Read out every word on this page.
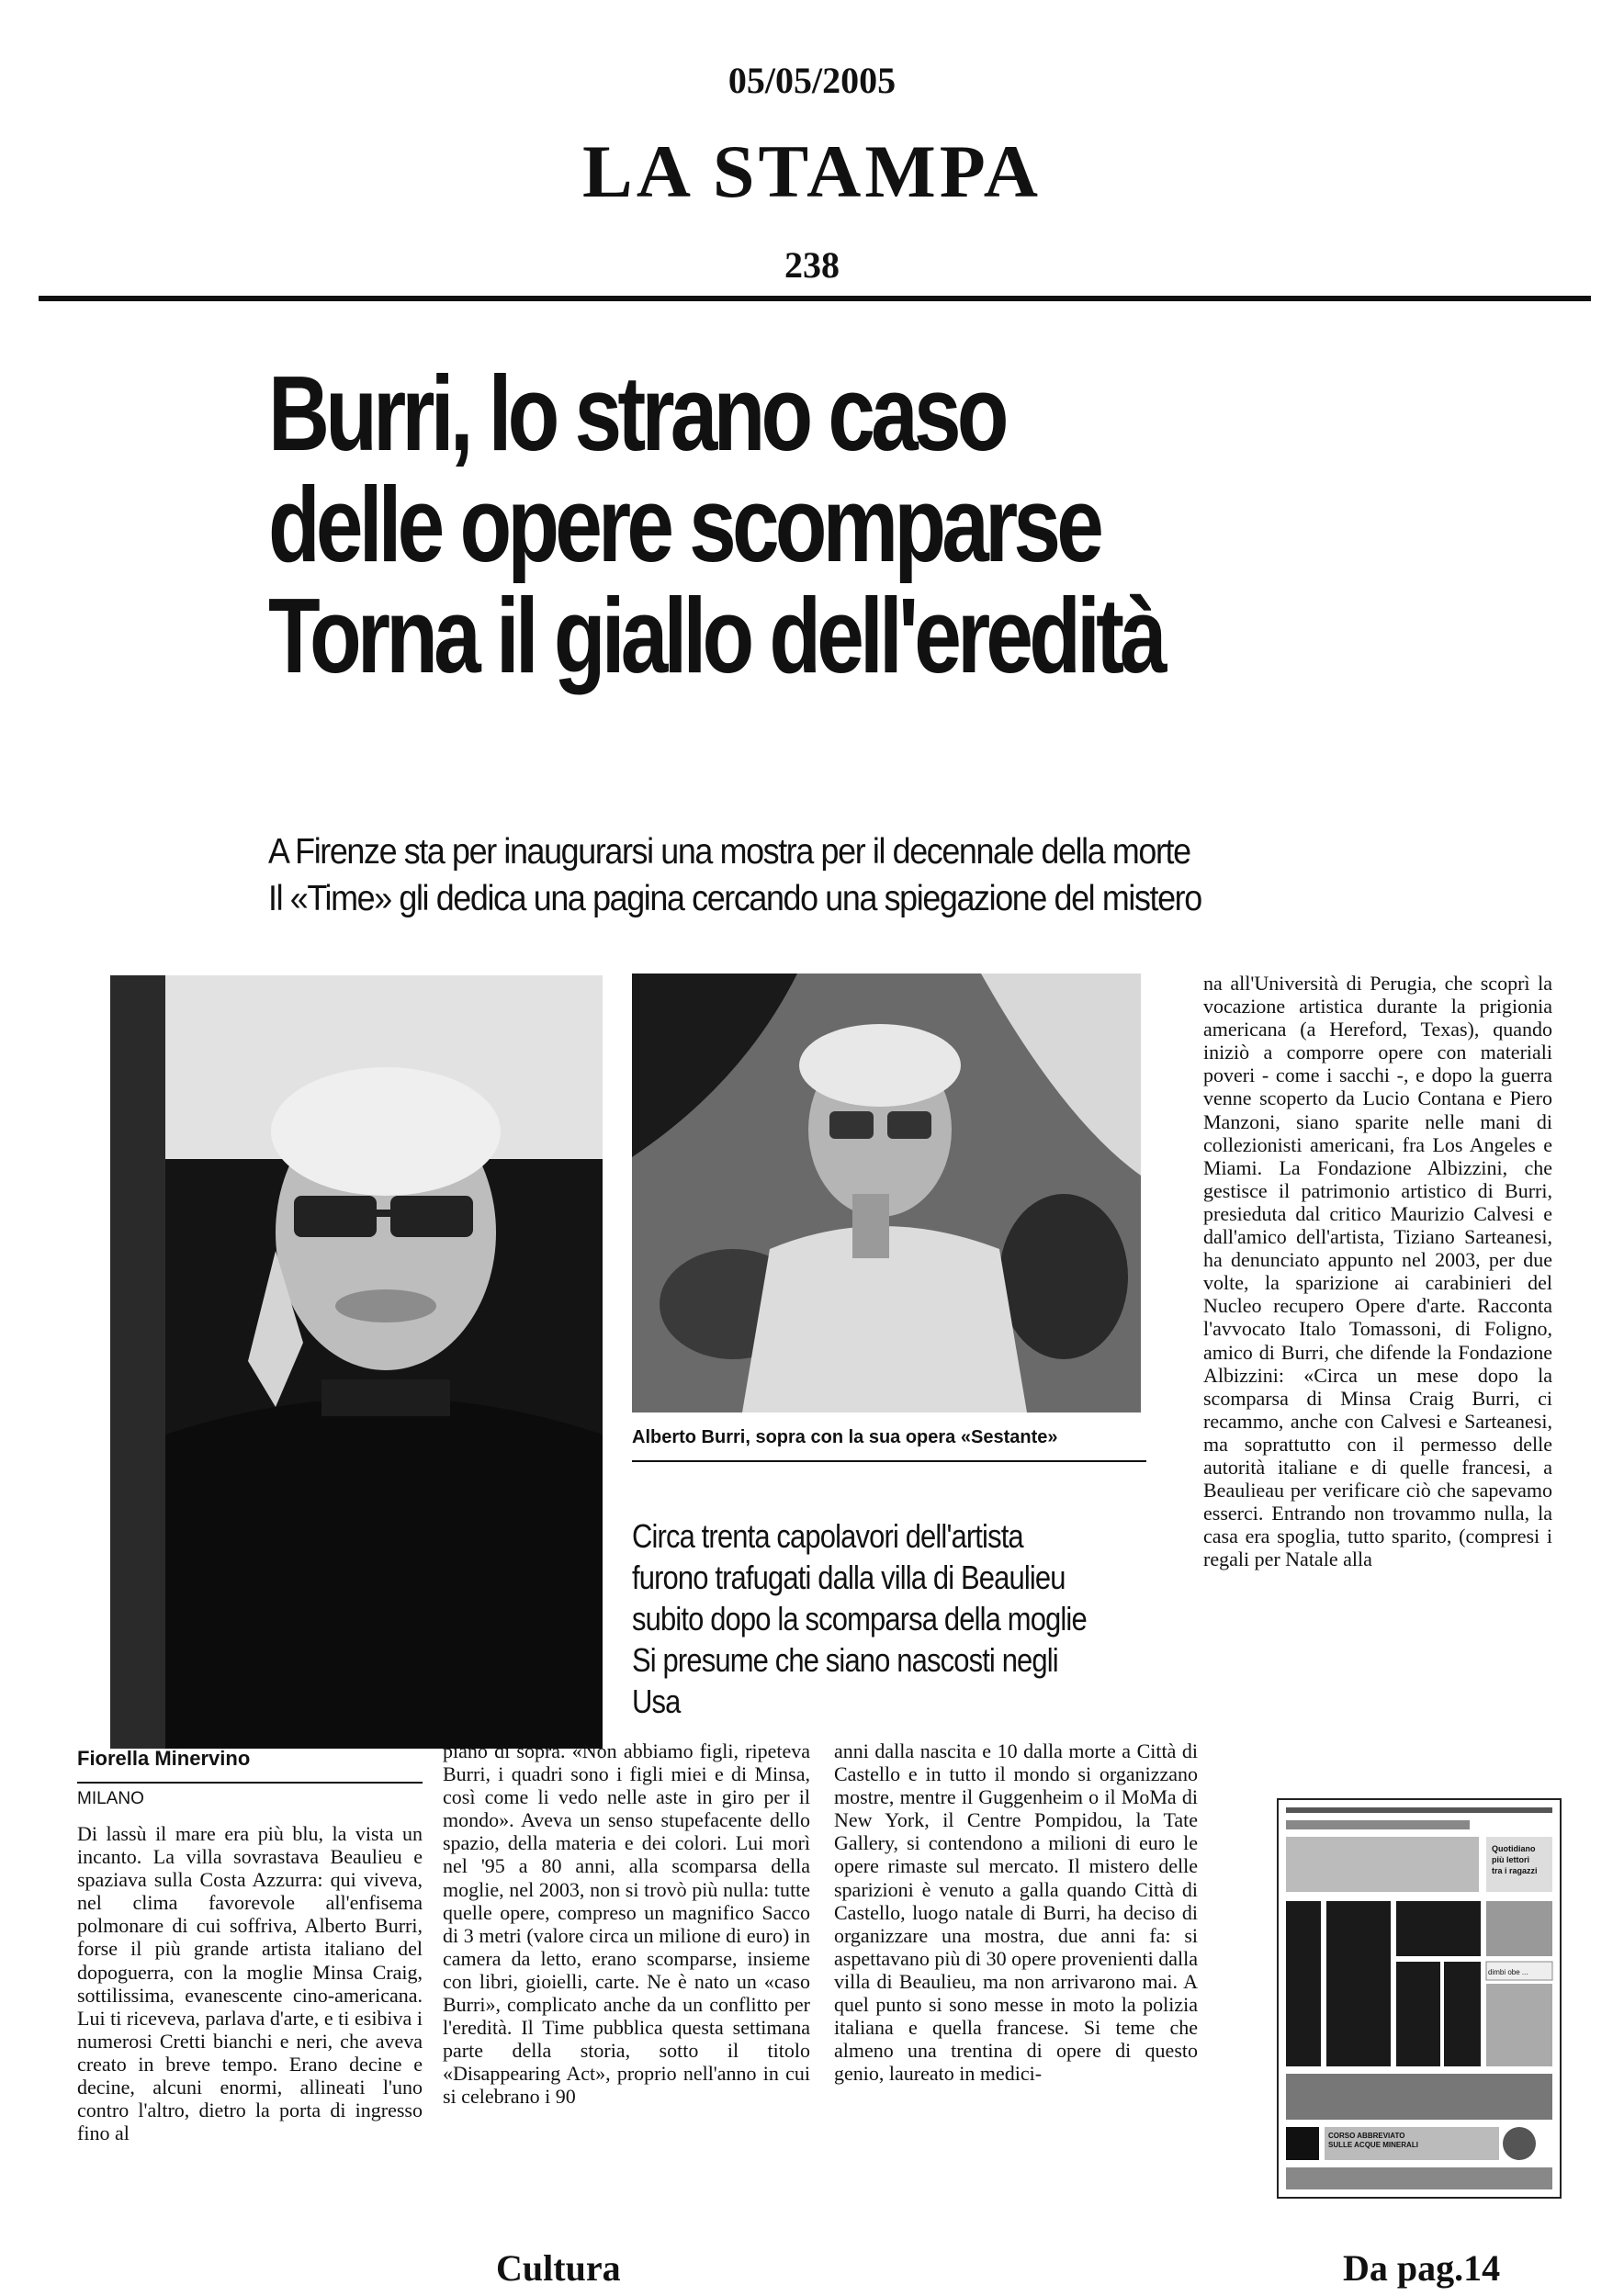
05/05/2005
LA STAMPA
238
Burri, lo strano caso
delle opere scomparse
Torna il giallo dell'eredità
A Firenze sta per inaugurarsi una mostra per il decennale della morte
Il «Time» gli dedica una pagina cercando una spiegazione del mistero
Alberto Burri, sopra con la sua opera «Sestante»
Circa trenta capolavori dell'artista
furono trafugati dalla villa di Beaulieu
subito dopo la scomparsa della moglie
Si presume che siano nascosti negli Usa
Fiorella Minervino
MILANO
Di lassù il mare era più blu, la vista un incanto. La villa sovrastava Beaulieu e spaziava sulla Costa Azzurra: qui viveva, nel clima favorevole all'enfisema polmonare di cui soffriva, Alberto Burri, forse il più grande artista italiano del dopoguerra, con la moglie Minsa Craig, sottilissima, evanescente cino-americana. Lui ti riceveva, parlava d'arte, e ti esibiva i numerosi Cretti bianchi e neri, che aveva creato in breve tempo. Erano decine e decine, alcuni enormi, allineati l'uno contro l'altro, dietro la porta di ingresso fino al
piano di sopra. «Non abbiamo figli, ripeteva Burri, i quadri sono i figli miei e di Minsa, così come li vedo nelle aste in giro per il mondo». Aveva un senso stupefacente dello spazio, della materia e dei colori. Lui morì nel '95 a 80 anni, alla scomparsa della moglie, nel 2003, non si trovò più nulla: tutte quelle opere, compreso un magnifico Sacco di 3 metri (valore circa un milione di euro) in camera da letto, erano scomparse, insieme con libri, gioielli, carte. Ne è nato un «caso Burri», complicato anche da un conflitto per l'eredità. Il Time pubblica questa settimana parte della storia, sotto il titolo «Disappearing Act», proprio nell'anno in cui si celebrano i 90
anni dalla nascita e 10 dalla morte a Città di Castello e in tutto il mondo si organizzano mostre, mentre il Guggenheim o il MoMa di New York, il Centre Pompidou, la Tate Gallery, si contendono a milioni di euro le opere rimaste sul mercato. Il mistero delle sparizioni è venuto a galla quando Città di Castello, luogo natale di Burri, ha deciso di organizzare una mostra, due anni fa: si aspettavano più di 30 opere provenienti dalla villa di Beaulieu, ma non arrivarono mai. A quel punto si sono messe in moto la polizia italiana e quella francese. Si teme che almeno una trentina di opere di questo genio, laureato in medici-
na all'Università di Perugia, che scoprì la vocazione artistica durante la prigionia americana (a Hereford, Texas), quando iniziò a comporre opere con materiali poveri - come i sacchi -, e dopo la guerra venne scoperto da Lucio Contana e Piero Manzoni, siano sparite nelle mani di collezionisti americani, fra Los Angeles e Miami. La Fondazione Albizzini, che gestisce il patrimonio artistico di Burri, presieduta dal critico Maurizio Calvesi e dall'amico dell'artista, Tiziano Sarteanesi, ha denunciato appunto nel 2003, per due volte, la sparizione ai carabinieri del Nucleo recupero Opere d'arte. Racconta l'avvocato Italo Tomassoni, di Foligno, amico di Burri, che difende la Fondazione Albizzini: «Circa un mese dopo la scomparsa di Minsa Craig Burri, ci recammo, anche con Calvesi e Sarteanesi, ma soprattutto con il permesso delle autorità italiane e di quelle francesi, a Beaulieau per verificare ciò che sapevamo esserci. Entrando non trovammo nulla, la casa era spoglia, tutto sparito, (compresi i regali per Natale alla
Quotidiano
più lettori
tra i ragazzi
dimbi obe ...
CORSO ABBREVIATO
SULLE ACQUE MINERALI
Cultura	Da pag.14
